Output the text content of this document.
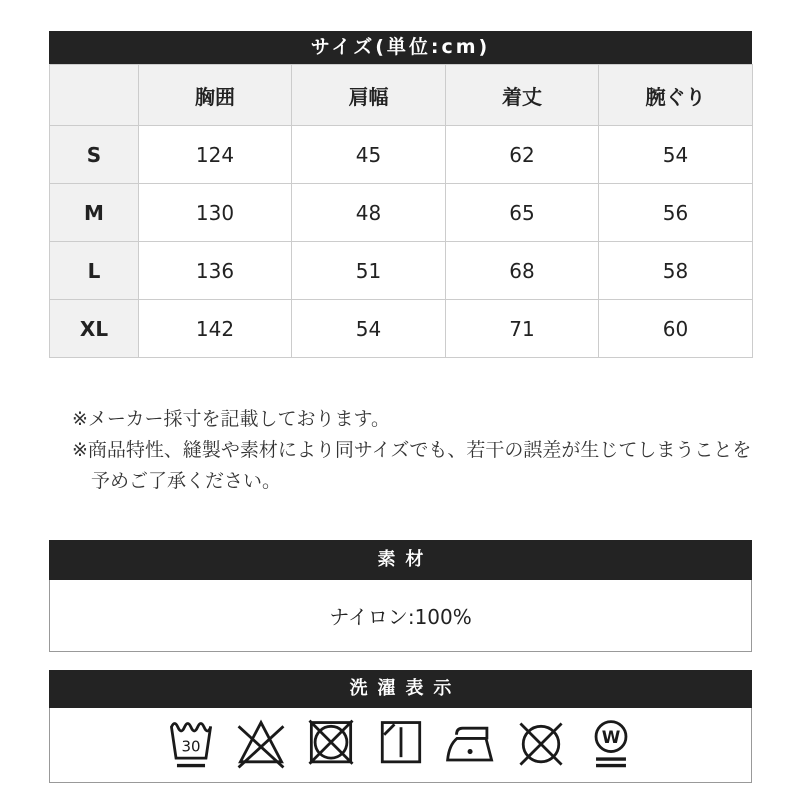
サイズ(単位:cm)
	胸囲	肩幅	着丈	腕ぐり
S	124	45	62	54
M	130	48	65	56
L	136	51	68	58
XL	142	54	71	60
※メーカー採寸を記載しております。
※商品特性、縫製や素材により同サイズでも、若干の誤差が生じてしまうことを予めご了承ください。
素材
ナイロン:100%
洗濯表示
30	W
